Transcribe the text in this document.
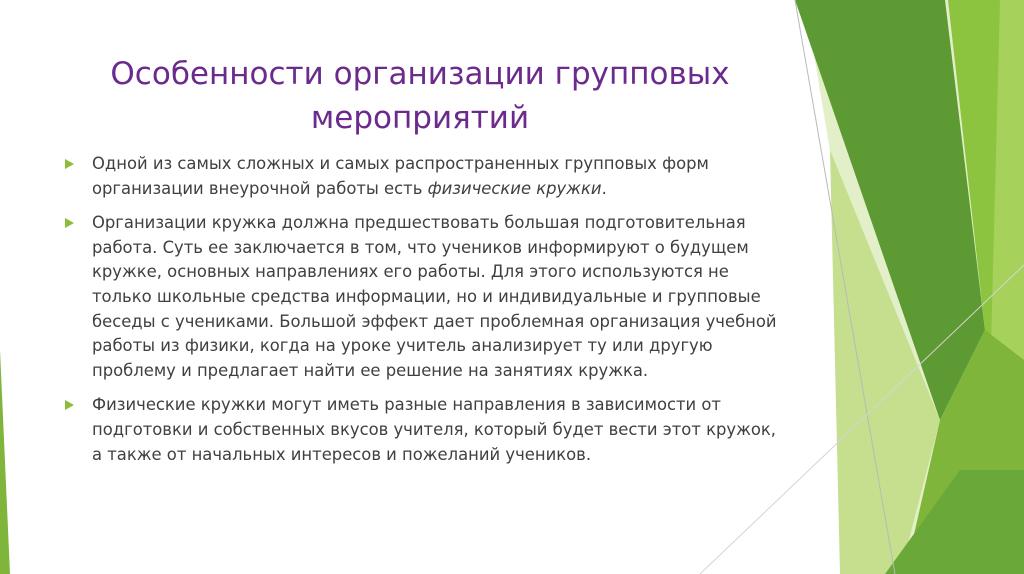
Особенности организации групповых
мероприятий
Одной из самых сложных и самых распространенных групповых форм организации внеурочной работы есть физические кружки.
Организации кружка должна предшествовать большая подготовительная работа. Суть ее заключается в том, что учеников информируют о будущем кружке, основных направлениях его работы. Для этого используются не только школьные средства информации, но и индивидуальные и групповые беседы с учениками. Большой эффект дает проблемная организация учебной работы из физики, когда на уроке учитель анализирует ту или другую проблему и предлагает найти ее решение на занятиях кружка.
Физические кружки могут иметь разные направления в зависимости от подготовки и собственных вкусов учителя, который будет вести этот кружок, а также от начальных интересов и пожеланий учеников.
